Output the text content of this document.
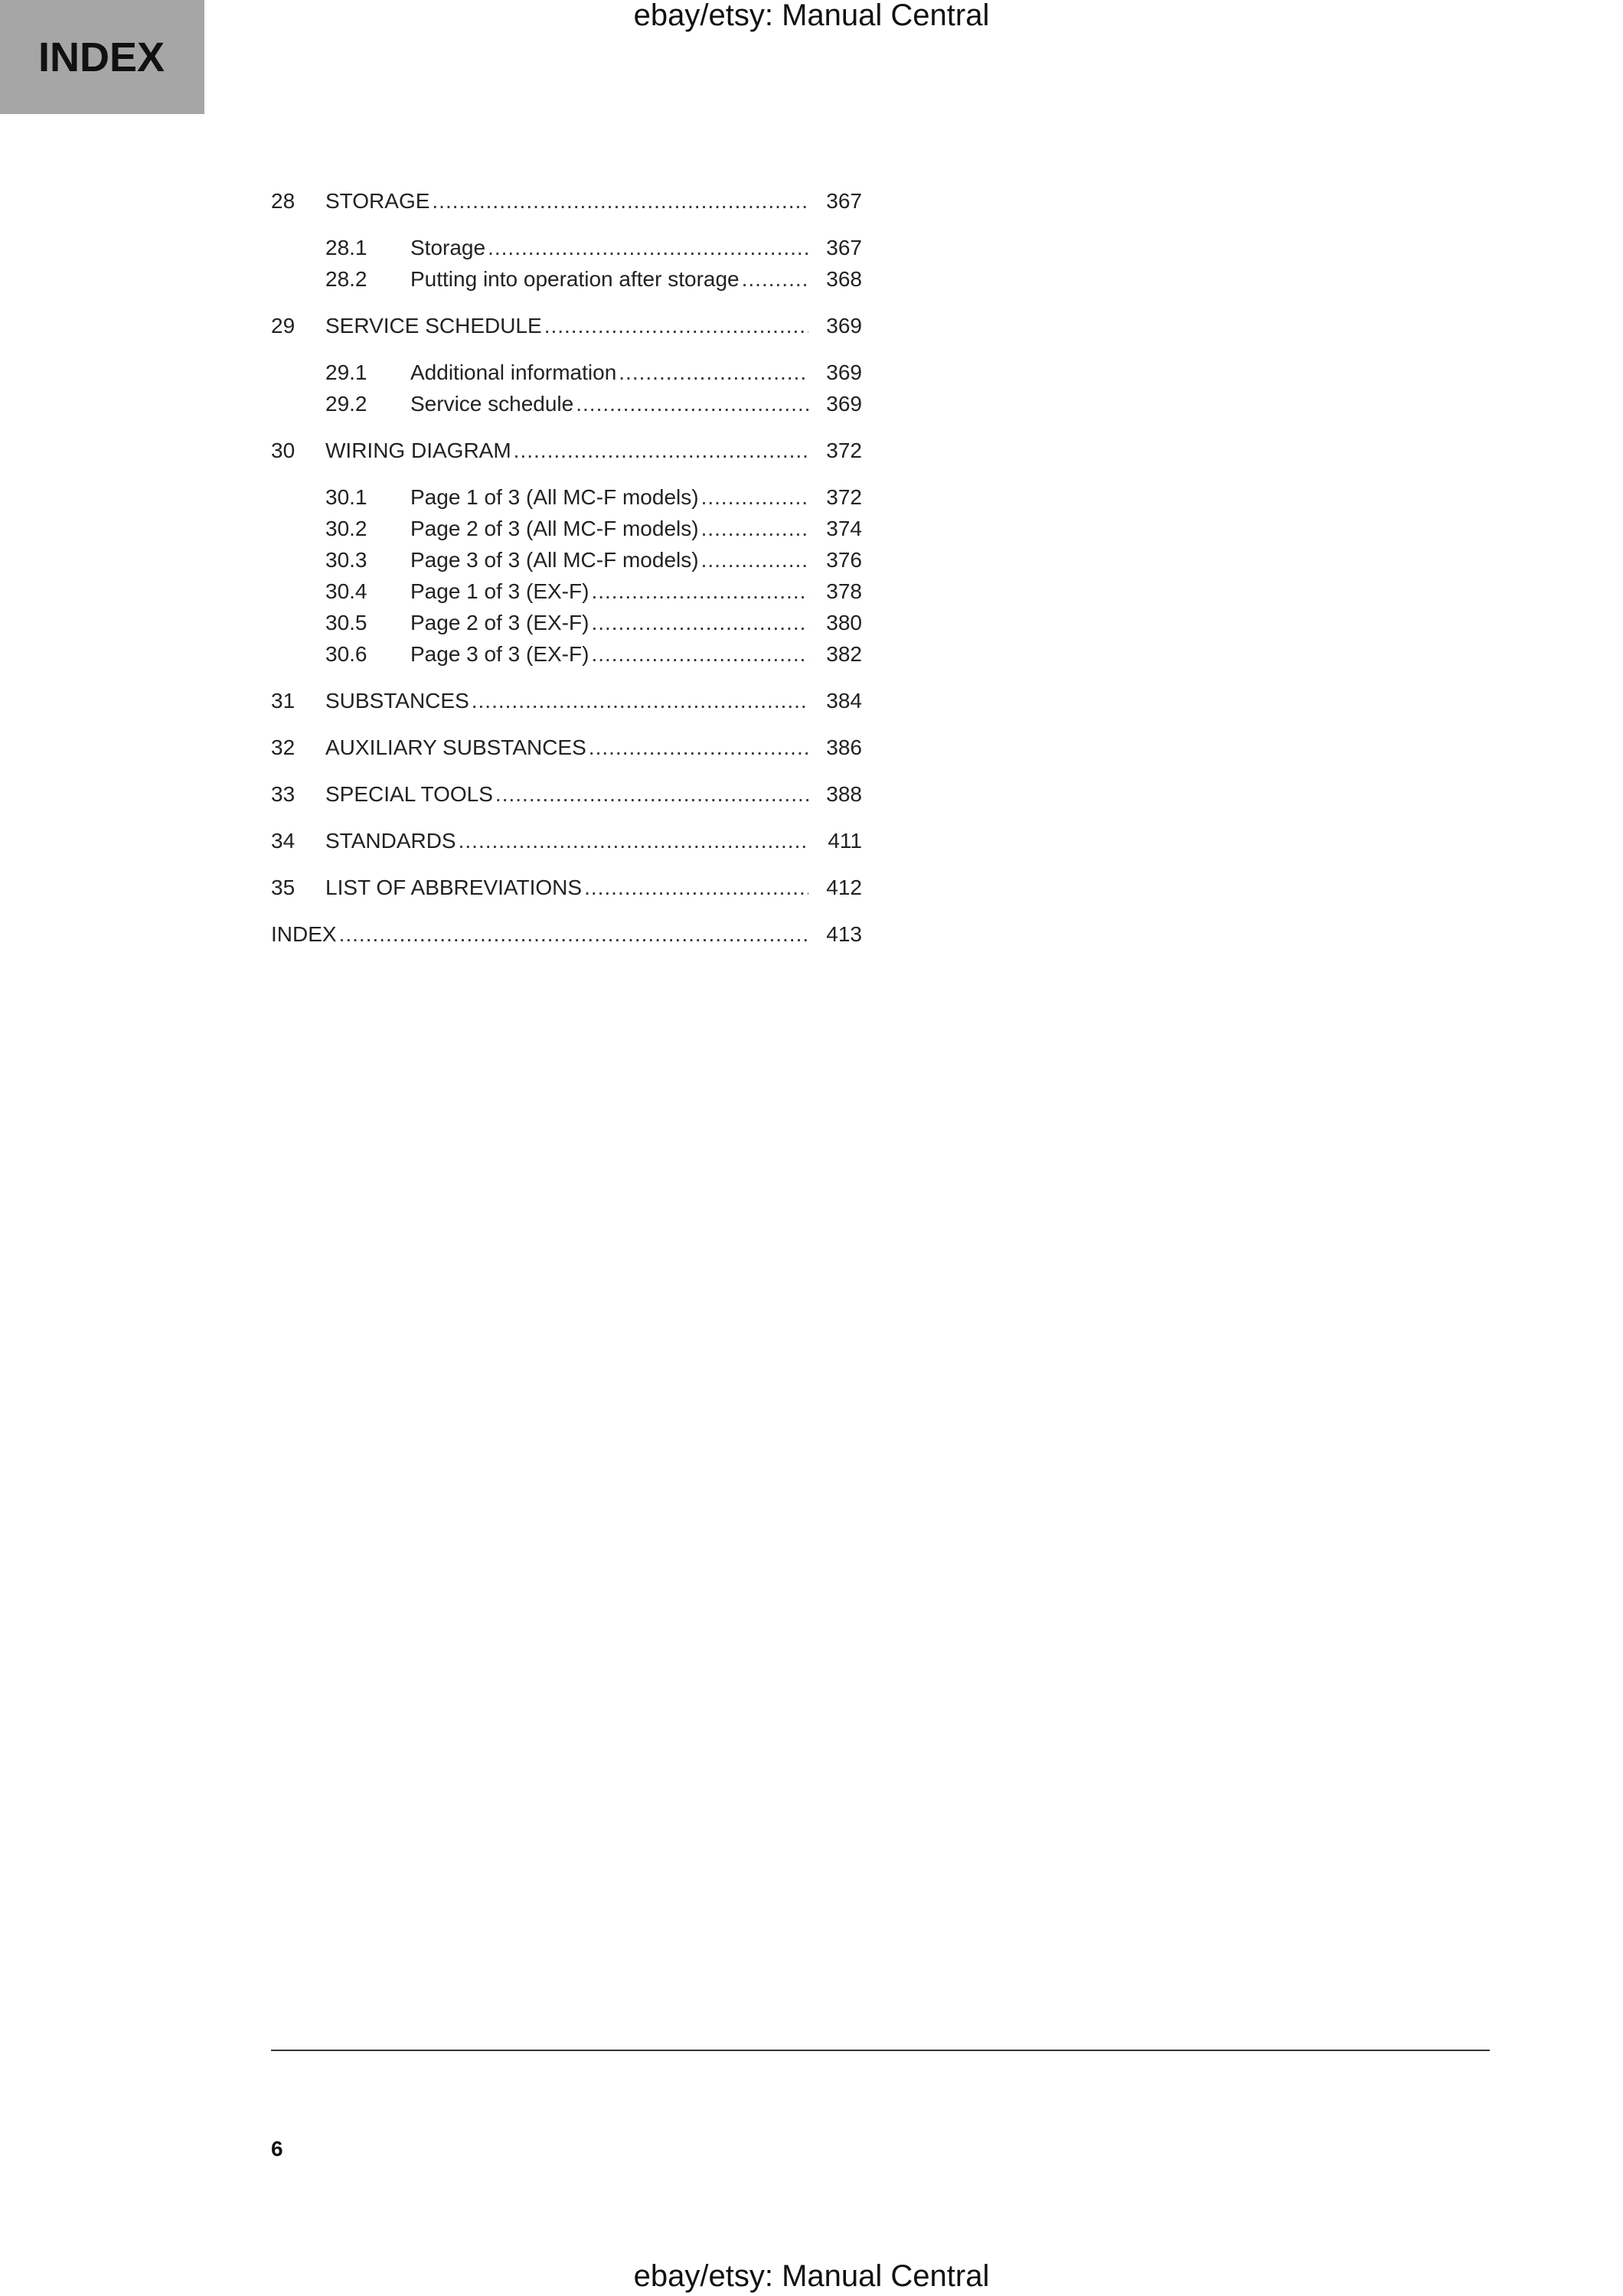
INDEX
ebay/etsy: Manual Central
28	STORAGE .....	367
28.1	Storage .....	367
28.2	Putting into operation after storage .....	368
29	SERVICE SCHEDULE .....	369
29.1	Additional information .....	369
29.2	Service schedule .....	369
30	WIRING DIAGRAM .....	372
30.1	Page 1 of 3 (All MC-F models) .....	372
30.2	Page 2 of 3 (All MC-F models) .....	374
30.3	Page 3 of 3 (All MC-F models) .....	376
30.4	Page 1 of 3 (EX-F) .....	378
30.5	Page 2 of 3 (EX-F) .....	380
30.6	Page 3 of 3 (EX-F) .....	382
31	SUBSTANCES .....	384
32	AUXILIARY SUBSTANCES .....	386
33	SPECIAL TOOLS .....	388
34	STANDARDS .....	411
35	LIST OF ABBREVIATIONS .....	412
INDEX .....	413
6
ebay/etsy: Manual Central
